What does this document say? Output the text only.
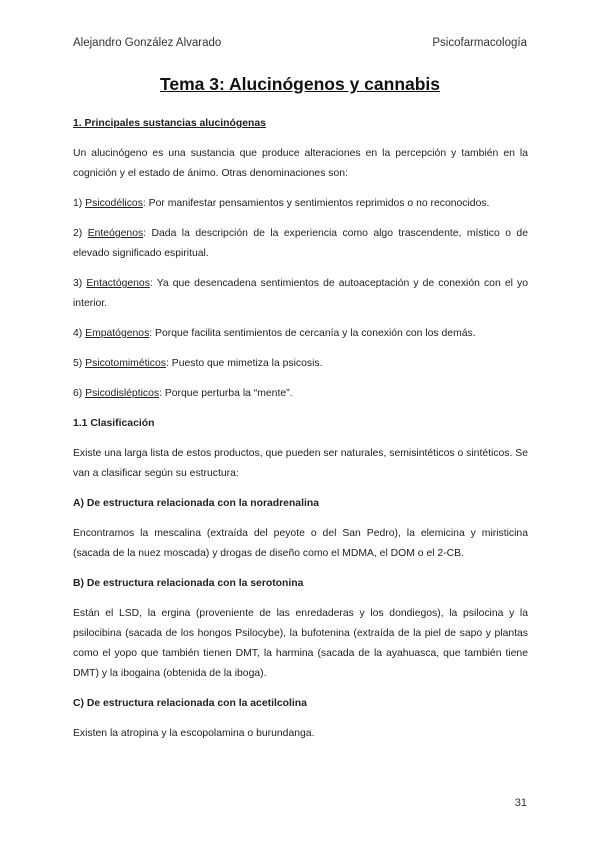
Alejandro González Alvarado	Psicofarmacología
Tema 3: Alucinógenos y cannabis
1. Principales sustancias alucinógenas

Un alucinógeno es una sustancia que produce alteraciones en la percepción y también en la cognición y el estado de ánimo. Otras denominaciones son:

1) Psicodélicos: Por manifestar pensamientos y sentimientos reprimidos o no reconocidos.

2) Enteógenos: Dada la descripción de la experiencia como algo trascendente, místico o de elevado significado espiritual.

3) Entactógenos: Ya que desencadena sentimientos de autoaceptación y de conexión con el yo interior.

4) Empatógenos: Porque facilita sentimientos de cercanía y la conexión con los demás.

5) Psicotomiméticos: Puesto que mimetiza la psicosis.

6) Psicodislépticos: Porque perturba la “mente”.

1.1 Clasificación

Existe una larga lista de estos productos, que pueden ser naturales, semisintéticos o sintéticos. Se van a clasificar según su estructura:

A) De estructura relacionada con la noradrenalina

Encontramos la mescalina (extraída del peyote o del San Pedro), la elemicina y miristicina (sacada de la nuez moscada) y drogas de diseño como el MDMA, el DOM o el 2-CB.

B) De estructura relacionada con la serotonina

Están el LSD, la ergina (proveniente de las enredaderas y los dondiegos), la psilocina y la psilocibina (sacada de los hongos Psilocybe), la bufotenina (extraída de la piel de sapo y plantas como el yopo que también tienen DMT, la harmina (sacada de la ayahuasca, que también tiene DMT) y la ibogaina (obtenida de la iboga).

C) De estructura relacionada con la acetilcolina

Existen la atropina y la escopolamina o burundanga.

31
